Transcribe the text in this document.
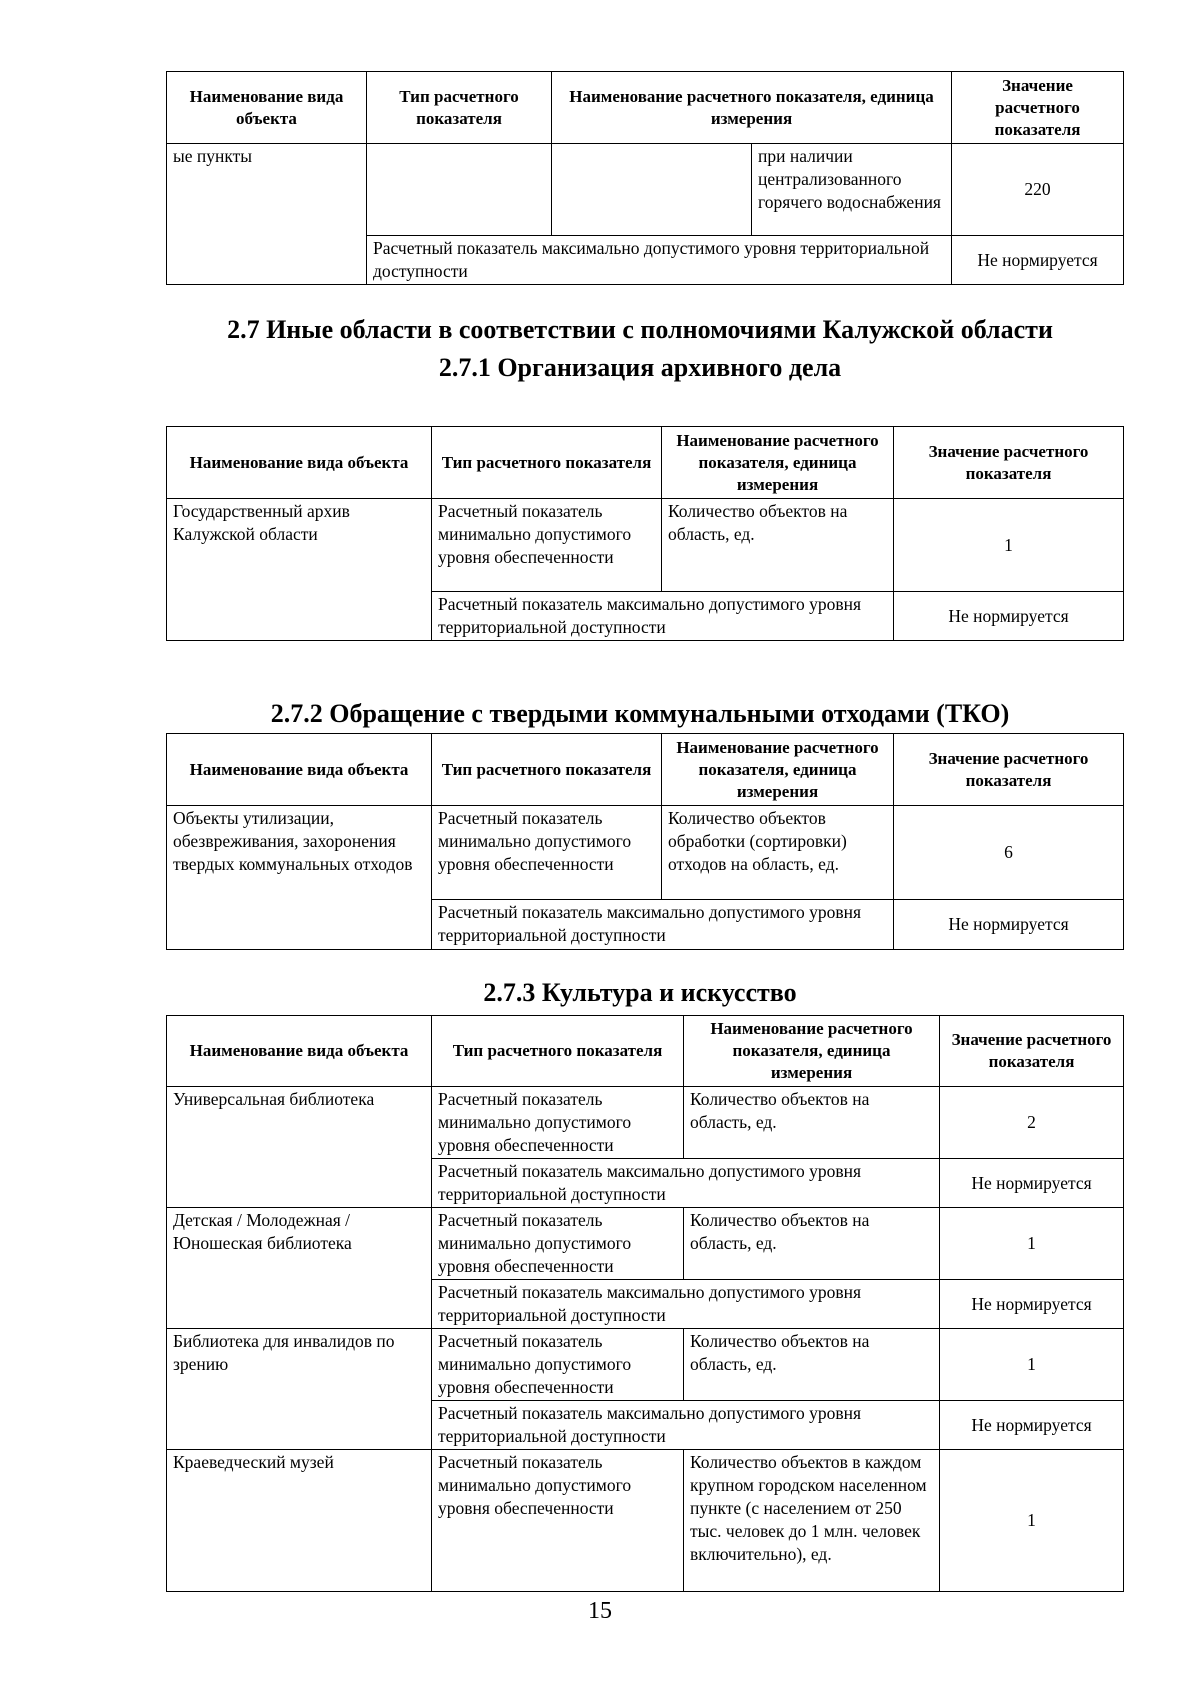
Наименование вида объекта	Тип расчетного показателя	Наименование расчетного показателя, единица измерения		Значение расчетного показателя
ые пункты			при наличии централизованного горячего водоснабжения	220
	Расчетный показатель максимально допустимого уровня территориальной доступности			Не нормируется
2.7 Иные области в соответствии с полномочиями Калужской области
2.7.1 Организация архивного дела
Наименование вида объекта	Тип расчетного показателя	Наименование расчетного показателя, единица измерения	Значение расчетного показателя
Государственный архив Калужской области	Расчетный показатель минимально допустимого уровня обеспеченности	Количество объектов на область, ед.	1
	Расчетный показатель максимально допустимого уровня территориальной доступности		Не нормируется
2.7.2 Обращение с твердыми коммунальными отходами (ТКО)
Наименование вида объекта	Тип расчетного показателя	Наименование расчетного показателя, единица измерения	Значение расчетного показателя
Объекты утилизации, обезвреживания, захоронения твердых коммунальных отходов	Расчетный показатель минимально допустимого уровня обеспеченности	Количество объектов обработки (сортировки) отходов на область, ед.	6
	Расчетный показатель максимально допустимого уровня территориальной доступности		Не нормируется
2.7.3 Культура и искусство
Наименование вида объекта	Тип расчетного показателя	Наименование расчетного показателя, единица измерения	Значение расчетного показателя
Универсальная библиотека	Расчетный показатель минимально допустимого уровня обеспеченности	Количество объектов на область, ед.	2
	Расчетный показатель максимально допустимого уровня территориальной доступности		Не нормируется
Детская / Молодежная / Юношеская библиотека	Расчетный показатель минимально допустимого уровня обеспеченности	Количество объектов на область, ед.	1
	Расчетный показатель максимально допустимого уровня территориальной доступности		Не нормируется
Библиотека для инвалидов по зрению	Расчетный показатель минимально допустимого уровня обеспеченности	Количество объектов на область, ед.	1
	Расчетный показатель максимально допустимого уровня территориальной доступности		Не нормируется
Краеведческий музей	Расчетный показатель минимально допустимого уровня обеспеченности	Количество объектов в каждом крупном городском населенном пункте (с населением от 250 тыс. человек до 1 млн. человек включительно), ед.	1
15
